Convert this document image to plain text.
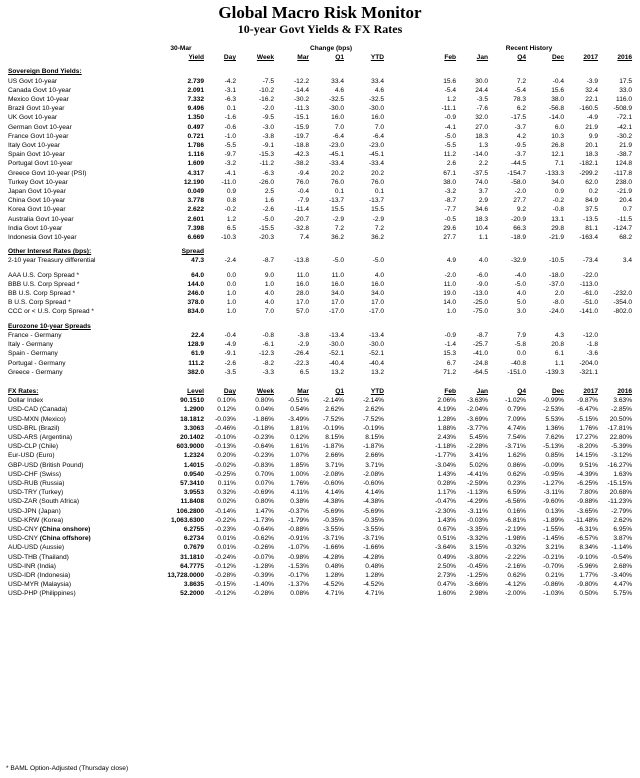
Global Macro Risk Monitor
10-year Govt Yields & FX Rates
	30-Mar		Change (bps)					Recent History						
	Yield	Day	Week	Mar	Q1	YTD		Feb	Jan	Q4	Dec	2017	2016	

Sovereign Bond Yields:														
US Govt 10-year	2.739	-4.2	-7.5	-12.2	33.4	33.4		15.6	30.0	7.2	-0.4	-3.9	17.5	
Canada Govt 10-year	2.091	-3.1	-10.2	-14.4	4.6	4.6		-5.4	24.4	-5.4	15.6	32.4	33.0	
Mexico Govt 10-year	7.332	-6.3	-16.2	-30.2	-32.5	-32.5		1.2	-3.5	78.3	38.0	22.1	116.0	
Brazil Govt 10-year	9.496	0.1	-2.0	-11.3	-30.0	-30.0		-11.1	-7.6	6.2	-56.8	-160.5	-508.9	
UK Govt 10-year	1.350	-1.6	-9.5	-15.1	16.0	16.0		-0.9	32.0	-17.5	-14.0	-4.9	-72.1	
German Govt 10-year	0.497	-0.6	-3.0	-15.9	7.0	7.0		-4.1	27.0	-3.7	6.0	21.9	-42.1	
France Govt 10-year	0.721	-1.0	-3.8	-19.7	-6.4	-6.4		-5.0	18.3	4.2	10.3	9.9	-30.2	
Italy Govt 10-year	1.786	-5.5	-9.1	-18.8	-23.0	-23.0		-5.5	1.3	-9.5	26.8	20.1	21.9	
Spain Govt 10-year	1.116	-9.7	-15.3	-42.3	-45.1	-45.1		11.2	-14.0	-3.7	12.1	18.3	-38.7	
Portugal Govt 10-year	1.609	-3.2	-11.2	-38.2	-33.4	-33.4		2.6	2.2	-44.5	7.1	-182.1	124.8	
Greece Govt 10-year (PSI)	4.317	-4.1	-6.3	-9.4	20.2	20.2		67.1	-37.5	-154.7	-133.3	-299.2	-117.8	
Turkey Govt 10-year	12.190	-11.0	-26.0	76.0	76.0	76.0		38.0	74.0	-58.0	34.0	62.0	238.0	
Japan Govt 10-year	0.049	0.9	2.5	-0.4	0.1	0.1		-3.2	3.7	-2.0	0.9	0.2	-21.9	
China Govt 10-year	3.778	0.8	1.6	-7.9	-13.7	-13.7		-8.7	2.9	27.7	-0.2	84.9	20.4	
Korea Govt 10-year	2.622	-0.2	-2.6	-11.4	15.5	15.5		-7.7	34.6	9.2	-0.8	37.5	0.7	
Australia Govt 10-year	2.601	1.2	-5.0	-20.7	-2.9	-2.9		-0.5	18.3	-20.9	13.1	-13.5	-11.5	
India Govt 10-year	7.398	6.5	-15.5	-32.8	7.2	7.2		29.6	10.4	66.3	29.8	81.1	-124.7	
Indonesia Govt 10-year	6.669	-10.3	-20.3	7.4	36.2	36.2		27.7	1.1	-18.9	-21.9	-163.4	68.2	

Other Interest Rates (bps):	Spread													
2-10 year Treasury differential	47.3	-2.4	-8.7	-13.8	-5.0	-5.0		4.9	4.0	-32.9	-10.5	-73.4	3.4	

AAA U.S. Corp Spread *	64.0	0.0	9.0	11.0	11.0	4.0		-2.0	-6.0	-4.0	-18.0	-22.0		
BBB U.S. Corp Spread *	144.0	0.0	1.0	16.0	16.0	16.0		11.0	-9.0	-5.0	-37.0	-113.0		
BB U.S. Corp Spread *	246.0	1.0	4.0	28.0	34.0	34.0		19.0	-13.0	4.0	2.0	-61.0	-232.0	
B U.S. Corp Spread *	378.0	1.0	4.0	17.0	17.0	17.0		14.0	-25.0	5.0	-8.0	-51.0	-354.0	
CCC or < U.S. Corp Spread *	834.0	1.0	7.0	57.0	-17.0	-17.0		1.0	-75.0	3.0	-24.0	-141.0	-802.0	

Eurozone 10-year Spreads														
France - Germany	22.4	-0.4	-0.8	-3.8	-13.4	-13.4		-0.9	-8.7	7.9	4.3	-12.0		
Italy - Germany	128.9	-4.9	-6.1	-2.9	-30.0	-30.0		-1.4	-25.7	-5.8	20.8	-1.8		
Spain - Germany	61.9	-9.1	-12.3	-26.4	-52.1	-52.1		15.3	-41.0	0.0	6.1	-3.6		
Portugal - Germany	111.2	-2.6	-8.2	-22.3	-40.4	-40.4		6.7	-24.8	-40.8	1.1	-204.0		
Greece - Germany	382.0	-3.5	-3.3	6.5	13.2	13.2		71.2	-64.5	-151.0	-139.3	-321.1		

FX Rates:	Level	Day	Week	Mar	Q1	YTD		Feb	Jan	Q4	Dec	2017	2016	
Dollar Index	90.1510	0.10%	0.80%	-0.51%	-2.14%	-2.14%		2.06%	-3.63%	-1.02%	-0.99%	-9.87%	3.63%	
USD-CAD (Canada)	1.2900	0.12%	0.04%	0.54%	2.62%	2.62%		4.19%	-2.04%	0.79%	-2.53%	-6.47%	-2.85%	
USD-MXN (Mexico)	18.1812	-0.03%	-1.86%	-3.49%	-7.52%	-7.52%		1.28%	-3.69%	7.09%	5.53%	-5.15%	20.50%	
USD-BRL (Brazil)	3.3063	-0.46%	-0.18%	1.81%	-0.19%	-0.19%		1.88%	-3.77%	4.74%	1.36%	1.76%	-17.81%	
USD-ARS (Argentina)	20.1402	-0.10%	-0.23%	0.12%	8.15%	8.15%		2.43%	5.45%	7.54%	7.62%	17.27%	22.80%	
USD-CLP (Chile)	603.9000	-0.13%	-0.64%	1.61%	-1.87%	-1.87%		-1.18%	-2.28%	-3.71%	-5.13%	-8.20%	-5.39%	
Eur-USD (Euro)	1.2324	0.20%	-0.23%	1.07%	2.66%	2.66%		-1.77%	3.41%	1.62%	0.85%	14.15%	-3.12%	
GBP-USD (British Pound)	1.4015	-0.02%	-0.83%	1.85%	3.71%	3.71%		-3.04%	5.02%	0.86%	-0.09%	9.51%	-16.27%	
USD-CHF (Swiss)	0.9540	-0.25%	0.70%	1.00%	-2.08%	-2.08%		1.43%	-4.41%	0.62%	-0.95%	-4.39%	1.63%	
USD-RUB (Russia)	57.3410	0.11%	0.07%	1.76%	-0.60%	-0.60%		0.28%	-2.59%	0.23%	-1.27%	-6.25%	-15.15%	
USD-TRY (Turkey)	3.9553	0.32%	-0.69%	4.11%	4.14%	4.14%		1.17%	-1.13%	6.59%	-3.11%	7.80%	20.68%	
USD-ZAR (South Africa)	11.8408	0.02%	0.80%	0.38%	-4.38%	-4.38%		-0.47%	-4.29%	-6.56%	-9.60%	-9.88%	-11.23%	
USD-JPN (Japan)	106.2800	-0.14%	1.47%	-0.37%	-5.69%	-5.69%		-2.30%	-3.11%	0.16%	0.13%	-3.65%	-2.79%	
USD-KRW (Korea)	1,063.6300	-0.22%	-1.73%	-1.79%	-0.35%	-0.35%		1.43%	-0.03%	-6.81%	-1.89%	-11.48%	2.62%	
USD-CNY (China onshore)	6.2755	-0.23%	-0.64%	-0.88%	-3.55%	-3.55%		0.67%	-3.35%	-2.19%	-1.55%	-6.31%	6.95%	
USD-CNY (China offshore)	6.2734	0.01%	-0.62%	-0.91%	-3.71%	-3.71%		0.51%	-3.32%	-1.98%	-1.45%	-6.57%	3.87%	
AUD-USD (Aussie)	0.7679	0.01%	-0.26%	-1.07%	-1.66%	-1.66%		-3.64%	3.15%	-0.32%	3.21%	8.34%	-1.14%	
USD-THB (Thailand)	31.1810	-0.24%	-0.07%	-0.98%	-4.28%	-4.28%		0.49%	-3.80%	-2.22%	-0.21%	-9.10%	-0.54%	
USD-INR (India)	64.7775	-0.12%	-1.28%	-1.53%	0.48%	0.48%		2.50%	-0.45%	-2.16%	-0.70%	-5.96%	2.68%	
USD-IDR (Indonesia)	13,728.0000	-0.28%	-0.39%	-0.17%	1.28%	1.28%		2.73%	-1.25%	0.62%	0.21%	1.77%	-3.40%	
USD-MYR (Malaysia)	3.8635	-0.15%	-1.40%	-1.37%	-4.52%	-4.52%		0.47%	-3.66%	-4.12%	-0.86%	-9.80%	4.47%	
USD-PHP (Philippines)	52.2000	-0.12%	-0.28%	0.08%	4.71%	4.71%		1.60%	2.98%	-2.00%	-1.03%	0.50%	5.75%	
* BAML Option-Adjusted (Thursday close)
